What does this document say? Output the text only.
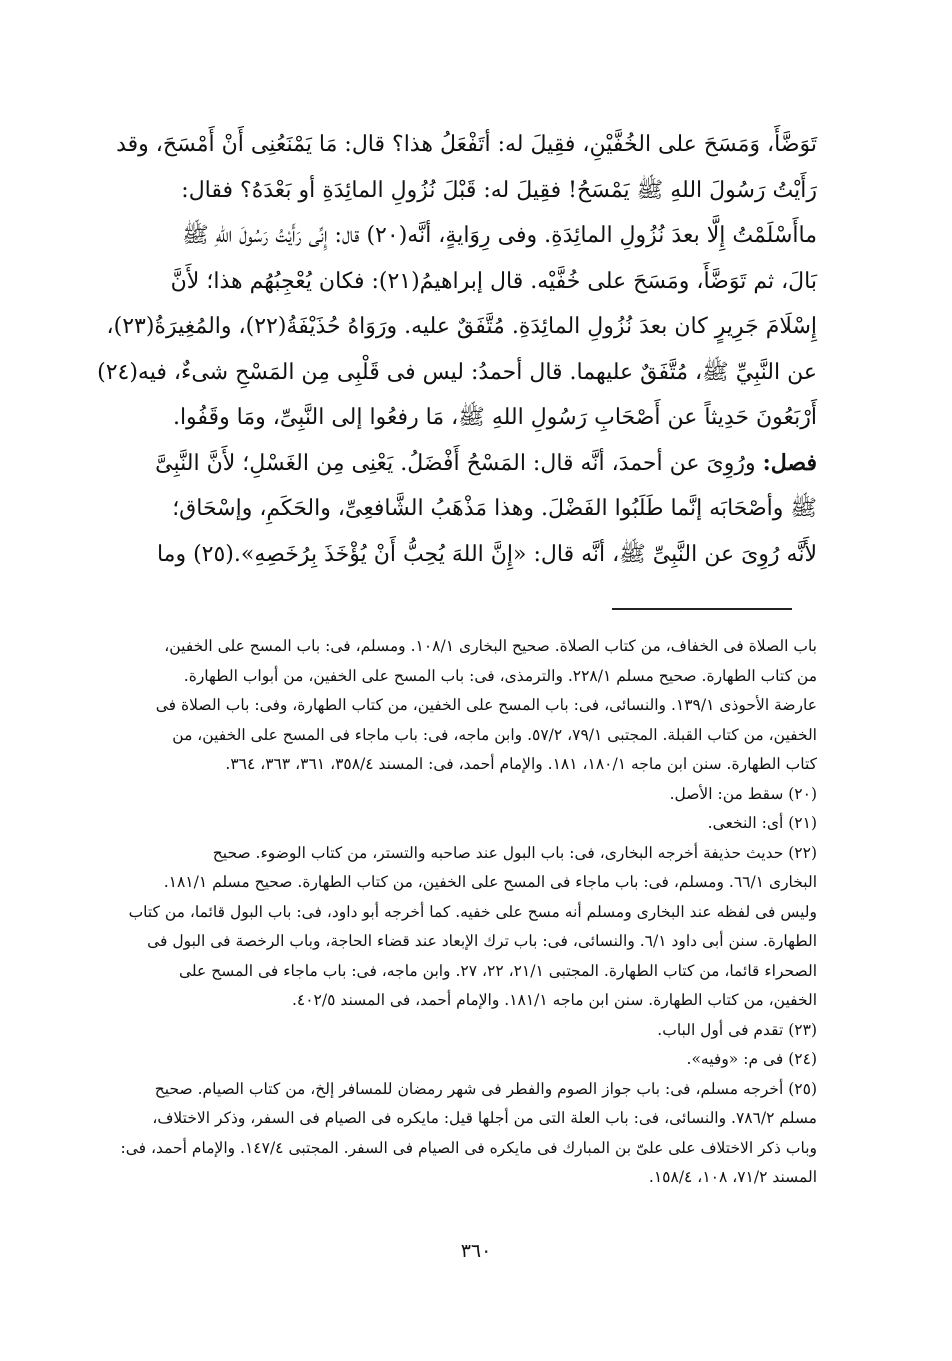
تَوَضَّأَ، وَمَسَحَ على الخُفَّيْنِ، فقِيلَ له: أتَفْعَلُ هذا؟ قال: مَا يَمْنَعُنِى أَنْ أَمْسَحَ، وقد
رَأَيْتُ رَسُولَ اللهِ ﷺ يَمْسَحُ! فقِيلَ له: قَبْلَ نُزُولِ المائِدَةِ أو بَعْدَهُ؟ فقال:
ماأَسْلَمْتُ إِلَّا بعدَ نُزُولِ المائِدَةِ. وفى رِوَايةٍ، أنَّه(٢٠) قال: إِنِّى رَأَيْتُ رَسُولَ اللهِ ﷺ
بَالَ، ثم تَوَضَّأَ، ومَسَحَ على خُفَّيْه. قال إبراهيمُ(٢١): فكان يُعْجِبُهُم هذا؛ لأَنَّ
إِسْلَامَ جَرِيرٍ كان بعدَ نُزُولِ المائِدَةِ. مُتَّفَقٌ عليه. ورَوَاهُ حُذَيْفَةُ(٢٢)، والمُغِيرَةُ(٢٣)،
عن النَّبِيِّ ﷺ، مُتَّفَقٌ عليهما. قال أحمدُ: ليس فى قَلْبِى مِن المَسْحِ شىءٌ، فيه(٢٤)
أَرْبَعُونَ حَدِيثاً عن أَصْحَابِ رَسُولِ اللهِ ﷺ، مَا رفعُوا إلى النَّبِىِّ، ومَا وقَفُوا.
فصل: ورُوِىَ عن أحمدَ، أنَّه قال: المَسْحُ أَفْضَلُ. يَعْنِى مِن الغَسْلِ؛ لأَنَّ النَّبِىَّ
ﷺ وأصْحَابَه إنَّما طَلَبُوا الفَضْلَ. وهذا مَذْهَبُ الشَّافعِىِّ، والحَكَمِ، وإسْحَاق؛
لأَنَّه رُوِىَ عن النَّبِىِّ ﷺ، أنَّه قال: «إِنَّ اللهَ يُحِبُّ أَنْ يُؤْخَذَ بِرُخَصِهِ».(٢٥) وما
باب الصلاة فى الخفاف، من كتاب الصلاة. صحيح البخارى ١٠٨/١. ومسلم، فى: باب المسح على الخفين،
من كتاب الطهارة. صحيح مسلم ٢٢٨/١. والترمذى، فى: باب المسح على الخفين، من أبواب الطهارة.
عارضة الأحوذى ١٣٩/١. والنسائى، فى: باب المسح على الخفين، من كتاب الطهارة، وفى: باب الصلاة فى
الخفين، من كتاب القبلة. المجتبى ٧٩/١، ٥٧/٢. وابن ماجه، فى: باب ماجاء فى المسح على الخفين، من
كتاب الطهارة. سنن ابن ماجه ١٨٠/١، ١٨١. والإمام أحمد، فى: المسند ٣٥٨/٤، ٣٦١، ٣٦٣، ٣٦٤.
(٢٠) سقط من: الأصل.
(٢١) أى: النخعى.
(٢٢) حديث حذيفة أخرجه البخارى، فى: باب البول عند صاحبه والتستر، من كتاب الوضوء. صحيح
البخارى ٦٦/١. ومسلم، فى: باب ماجاء فى المسح على الخفين، من كتاب الطهارة. صحيح مسلم ١٨١/١.
وليس فى لفظه عند البخارى ومسلم أنه مسح على خفيه. كما أخرجه أبو داود، فى: باب البول قائما، من كتاب
الطهارة. سنن أبى داود ٦/١. والنسائى، فى: باب ترك الإبعاد عند قضاء الحاجة، وباب الرخصة فى البول فى
الصحراء قائما، من كتاب الطهارة. المجتبى ٢١/١، ٢٢، ٢٧. وابن ماجه، فى: باب ماجاء فى المسح على
الخفين، من كتاب الطهارة. سنن ابن ماجه ١٨١/١. والإمام أحمد، فى المسند ٤٠٢/٥.
(٢٣) تقدم فى أول الباب.
(٢٤) فى م: «وفيه».
(٢٥) أخرجه مسلم، فى: باب جواز الصوم والفطر فى شهر رمضان للمسافر إلخ، من كتاب الصيام. صحيح
مسلم ٧٨٦/٢. والنسائى، فى: باب العلة التى من أجلها قيل: مايكره فى الصيام فى السفر، وذكر الاختلاف،
وباب ذكر الاختلاف على علىّ بن المبارك فى مايكره فى الصيام فى السفر. المجتبى ١٤٧/٤. والإمام أحمد، فى:
المسند ٧١/٢، ١٠٨، ١٥٨/٤.
٣٦٠
